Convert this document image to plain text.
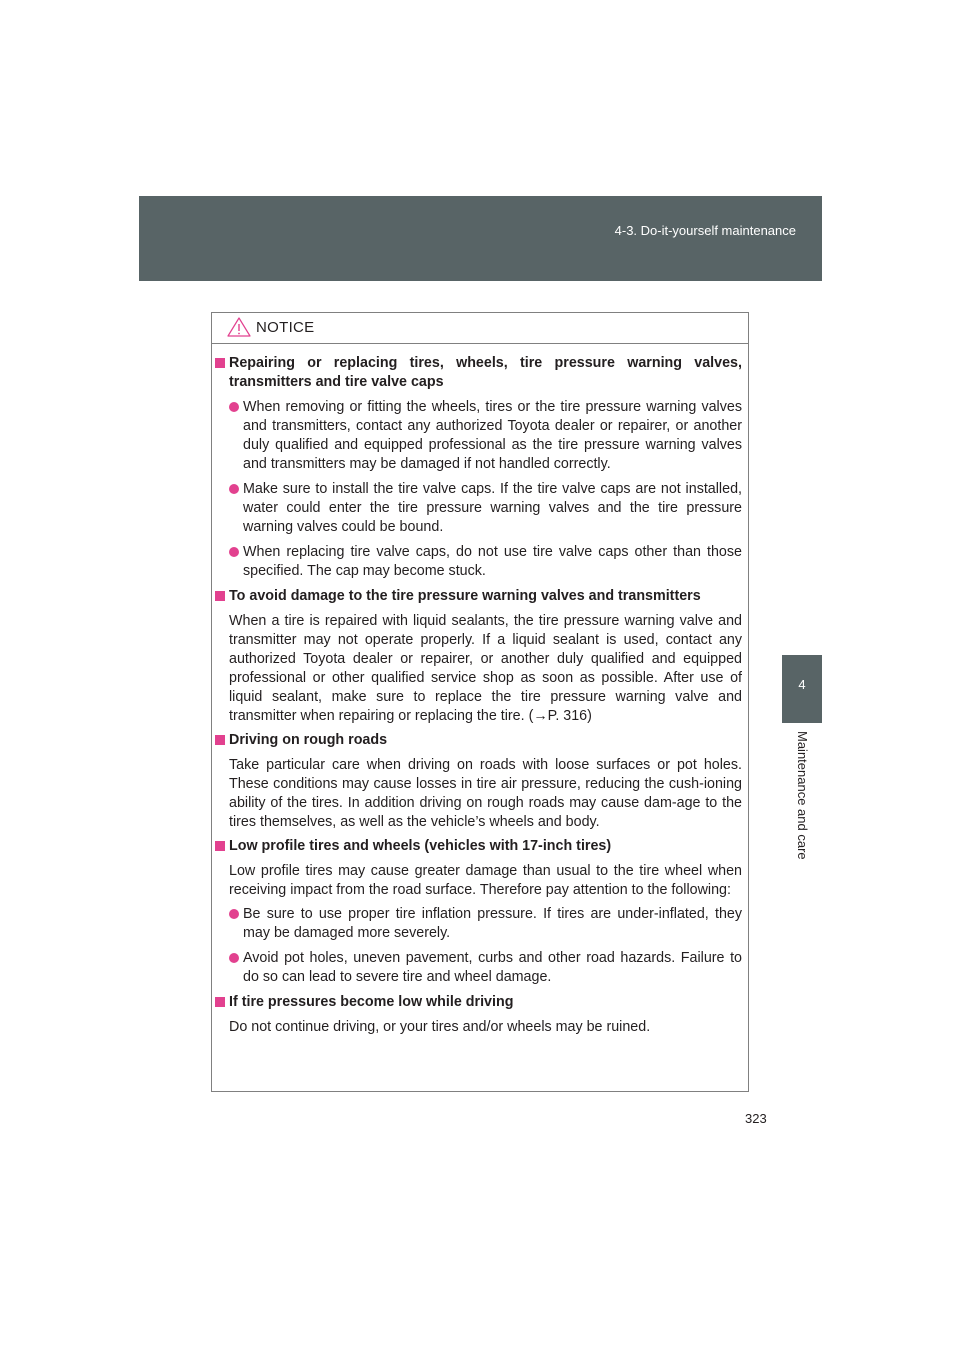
4-3. Do-it-yourself maintenance
4
Maintenance and care
NOTICE
Repairing or replacing tires, wheels, tire pressure warning valves, transmitters and tire valve caps
When removing or fitting the wheels, tires or the tire pressure warning valves and transmitters, contact any authorized Toyota dealer or repairer, or another duly qualified and equipped professional as the tire pressure warning valves and transmitters may be damaged if not handled correctly.
Make sure to install the tire valve caps. If the tire valve caps are not installed, water could enter the tire pressure warning valves and the tire pressure warning valves could be bound.
When replacing tire valve caps, do not use tire valve caps other than those specified. The cap may become stuck.
To avoid damage to the tire pressure warning valves and transmitters
When a tire is repaired with liquid sealants, the tire pressure warning valve and transmitter may not operate properly. If a liquid sealant is used, contact any authorized Toyota dealer or repairer, or another duly qualified and equipped professional or other qualified service shop as soon as possible. After use of liquid sealant, make sure to replace the tire pressure warning valve and transmitter when repairing or replacing the tire. (→P. 316)
Driving on rough roads
Take particular care when driving on roads with loose surfaces or pot holes. These conditions may cause losses in tire air pressure, reducing the cush-ioning ability of the tires. In addition driving on rough roads may cause dam-age to the tires themselves, as well as the vehicle’s wheels and body.
Low profile tires and wheels (vehicles with 17-inch tires)
Low profile tires may cause greater damage than usual to the tire wheel when receiving impact from the road surface. Therefore pay attention to the following:
Be sure to use proper tire inflation pressure. If tires are under-inflated, they may be damaged more severely.
Avoid pot holes, uneven pavement, curbs and other road hazards. Failure to do so can lead to severe tire and wheel damage.
If tire pressures become low while driving
Do not continue driving, or your tires and/or wheels may be ruined.
323
